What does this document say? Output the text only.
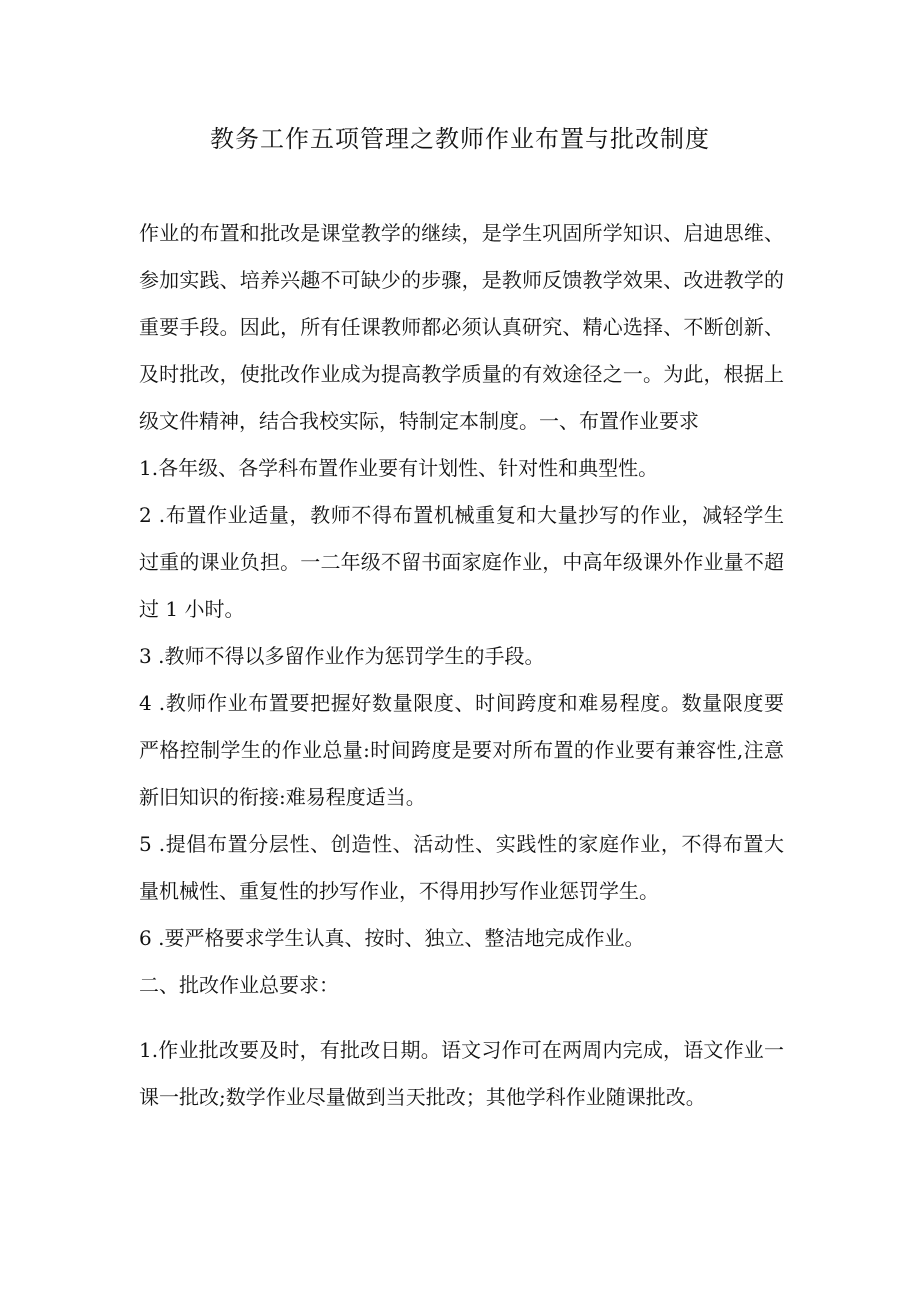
教务工作五项管理之教师作业布置与批改制度

作业的布置和批改是课堂教学的继续，是学生巩固所学知识、启迪思维、参加实践、培养兴趣不可缺少的步骤，是教师反馈教学效果、改进教学的重要手段。因此，所有任课教师都必须认真研究、精心选择、不断创新、及时批改，使批改作业成为提高教学质量的有效途径之一。为此，根据上级文件精神，结合我校实际，特制定本制度。一、布置作业要求

1.各年级、各学科布置作业要有计划性、针对性和典型性。

2 .布置作业适量，教师不得布置机械重复和大量抄写的作业，减轻学生过重的课业负担。一二年级不留书面家庭作业，中高年级课外作业量不超过 1 小时。

3 .教师不得以多留作业作为惩罚学生的手段。

4 .教师作业布置要把握好数量限度、时间跨度和难易程度。数量限度要严格控制学生的作业总量:时间跨度是要对所布置的作业要有兼容性,注意新旧知识的衔接:难易程度适当。

5 .提倡布置分层性、创造性、活动性、实践性的家庭作业，不得布置大量机械性、重复性的抄写作业，不得用抄写作业惩罚学生。

6 .要严格要求学生认真、按时、独立、整洁地完成作业。

二、批改作业总要求：

1.作业批改要及时，有批改日期。语文习作可在两周内完成，语文作业一课一批改;数学作业尽量做到当天批改；其他学科作业随课批改。
